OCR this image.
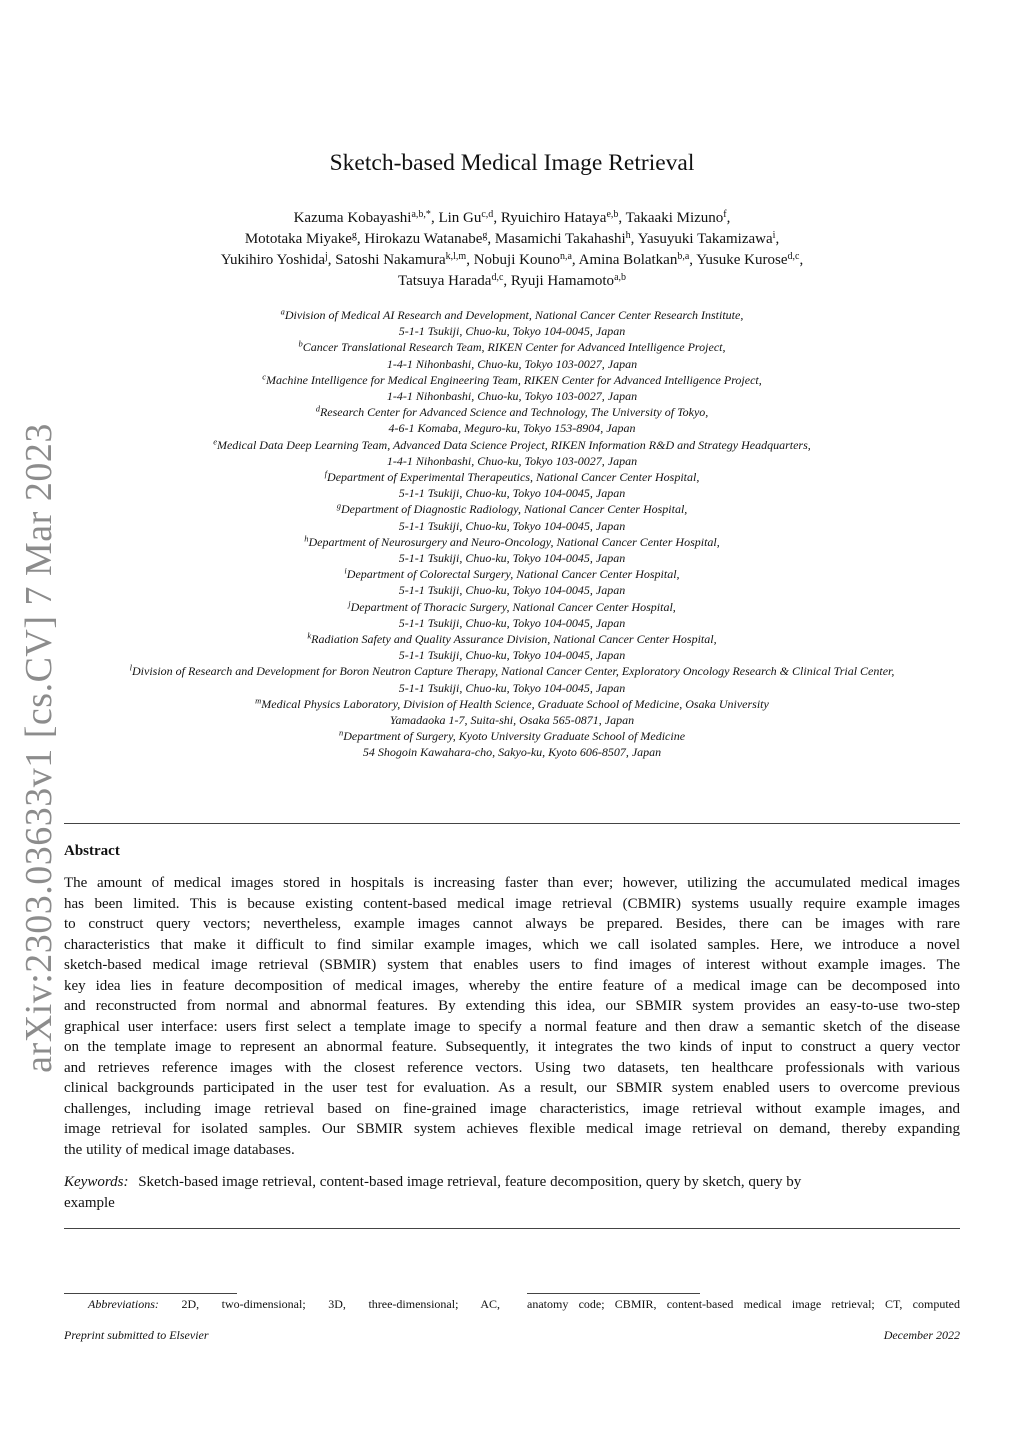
arXiv:2303.03633v1 [cs.CV] 7 Mar 2023
Sketch-based Medical Image Retrieval
Kazuma Kobayashi$^{a,b,*}$, Lin Gu$^{c,d}$, Ryuichiro Hataya$^{e,b}$, Takaaki Mizuno$^f$,
Mototaka Miyake$^g$, Hirokazu Watanabe$^g$, Masamichi Takahashi$^h$, Yasuyuki Takamizawa$^i$,
Yukihiro Yoshida$^j$, Satoshi Nakamura$^{k,l,m}$, Nobuji Kouno$^{n,a}$, Amina Bolatkan$^{b,a}$, Yusuke Kurose$^{d,c}$,
Tatsuya Harada$^{d,c}$, Ryuji Hamamoto$^{a,b}$
$^a$Division of Medical AI Research and Development, National Cancer Center Research Institute,
5-1-1 Tsukiji, Chuo-ku, Tokyo 104-0045, Japan
$^b$Cancer Translational Research Team, RIKEN Center for Advanced Intelligence Project,
1-4-1 Nihonbashi, Chuo-ku, Tokyo 103-0027, Japan
$^c$Machine Intelligence for Medical Engineering Team, RIKEN Center for Advanced Intelligence Project,
1-4-1 Nihonbashi, Chuo-ku, Tokyo 103-0027, Japan
$^d$Research Center for Advanced Science and Technology, The University of Tokyo,
4-6-1 Komaba, Meguro-ku, Tokyo 153-8904, Japan
$^e$Medical Data Deep Learning Team, Advanced Data Science Project, RIKEN Information R&D and Strategy Headquarters,
1-4-1 Nihonbashi, Chuo-ku, Tokyo 103-0027, Japan
$^f$Department of Experimental Therapeutics, National Cancer Center Hospital,
5-1-1 Tsukiji, Chuo-ku, Tokyo 104-0045, Japan
$^g$Department of Diagnostic Radiology, National Cancer Center Hospital,
5-1-1 Tsukiji, Chuo-ku, Tokyo 104-0045, Japan
$^h$Department of Neurosurgery and Neuro-Oncology, National Cancer Center Hospital,
5-1-1 Tsukiji, Chuo-ku, Tokyo 104-0045, Japan
$^i$Department of Colorectal Surgery, National Cancer Center Hospital,
5-1-1 Tsukiji, Chuo-ku, Tokyo 104-0045, Japan
$^j$Department of Thoracic Surgery, National Cancer Center Hospital,
5-1-1 Tsukiji, Chuo-ku, Tokyo 104-0045, Japan
$^k$Radiation Safety and Quality Assurance Division, National Cancer Center Hospital,
5-1-1 Tsukiji, Chuo-ku, Tokyo 104-0045, Japan
$^l$Division of Research and Development for Boron Neutron Capture Therapy, National Cancer Center, Exploratory Oncology Research & Clinical Trial Center,
5-1-1 Tsukiji, Chuo-ku, Tokyo 104-0045, Japan
$^m$Medical Physics Laboratory, Division of Health Science, Graduate School of Medicine, Osaka University
Yamadaoka 1-7, Suita-shi, Osaka 565-0871, Japan
$^n$Department of Surgery, Kyoto University Graduate School of Medicine
54 Shogoin Kawahara-cho, Sakyo-ku, Kyoto 606-8507, Japan
Abstract
The amount of medical images stored in hospitals is increasing faster than ever; however, utilizing the accumulated medical images
has been limited. This is because existing content-based medical image retrieval (CBMIR) systems usually require example images
to construct query vectors; nevertheless, example images cannot always be prepared. Besides, there can be images with rare
characteristics that make it difficult to find similar example images, which we call isolated samples. Here, we introduce a novel
sketch-based medical image retrieval (SBMIR) system that enables users to find images of interest without example images. The
key idea lies in feature decomposition of medical images, whereby the entire feature of a medical image can be decomposed into
and reconstructed from normal and abnormal features. By extending this idea, our SBMIR system provides an easy-to-use two-step
graphical user interface: users first select a template image to specify a normal feature and then draw a semantic sketch of the disease
on the template image to represent an abnormal feature. Subsequently, it integrates the two kinds of input to construct a query vector
and retrieves reference images with the closest reference vectors. Using two datasets, ten healthcare professionals with various
clinical backgrounds participated in the user test for evaluation. As a result, our SBMIR system enabled users to overcome previous
challenges, including image retrieval based on fine-grained image characteristics, image retrieval without example images, and
image retrieval for isolated samples. Our SBMIR system achieves flexible medical image retrieval on demand, thereby expanding
the utility of medical image databases.
Keywords: Sketch-based image retrieval, content-based image retrieval, feature decomposition, query by sketch, query by
example
Abbreviations: 2D, two-dimensional; 3D, three-dimensional; AC, anatomy code; CBMIR, content-based medical image retrieval; CT, computed
Preprint submitted to Elsevier	December 2022
